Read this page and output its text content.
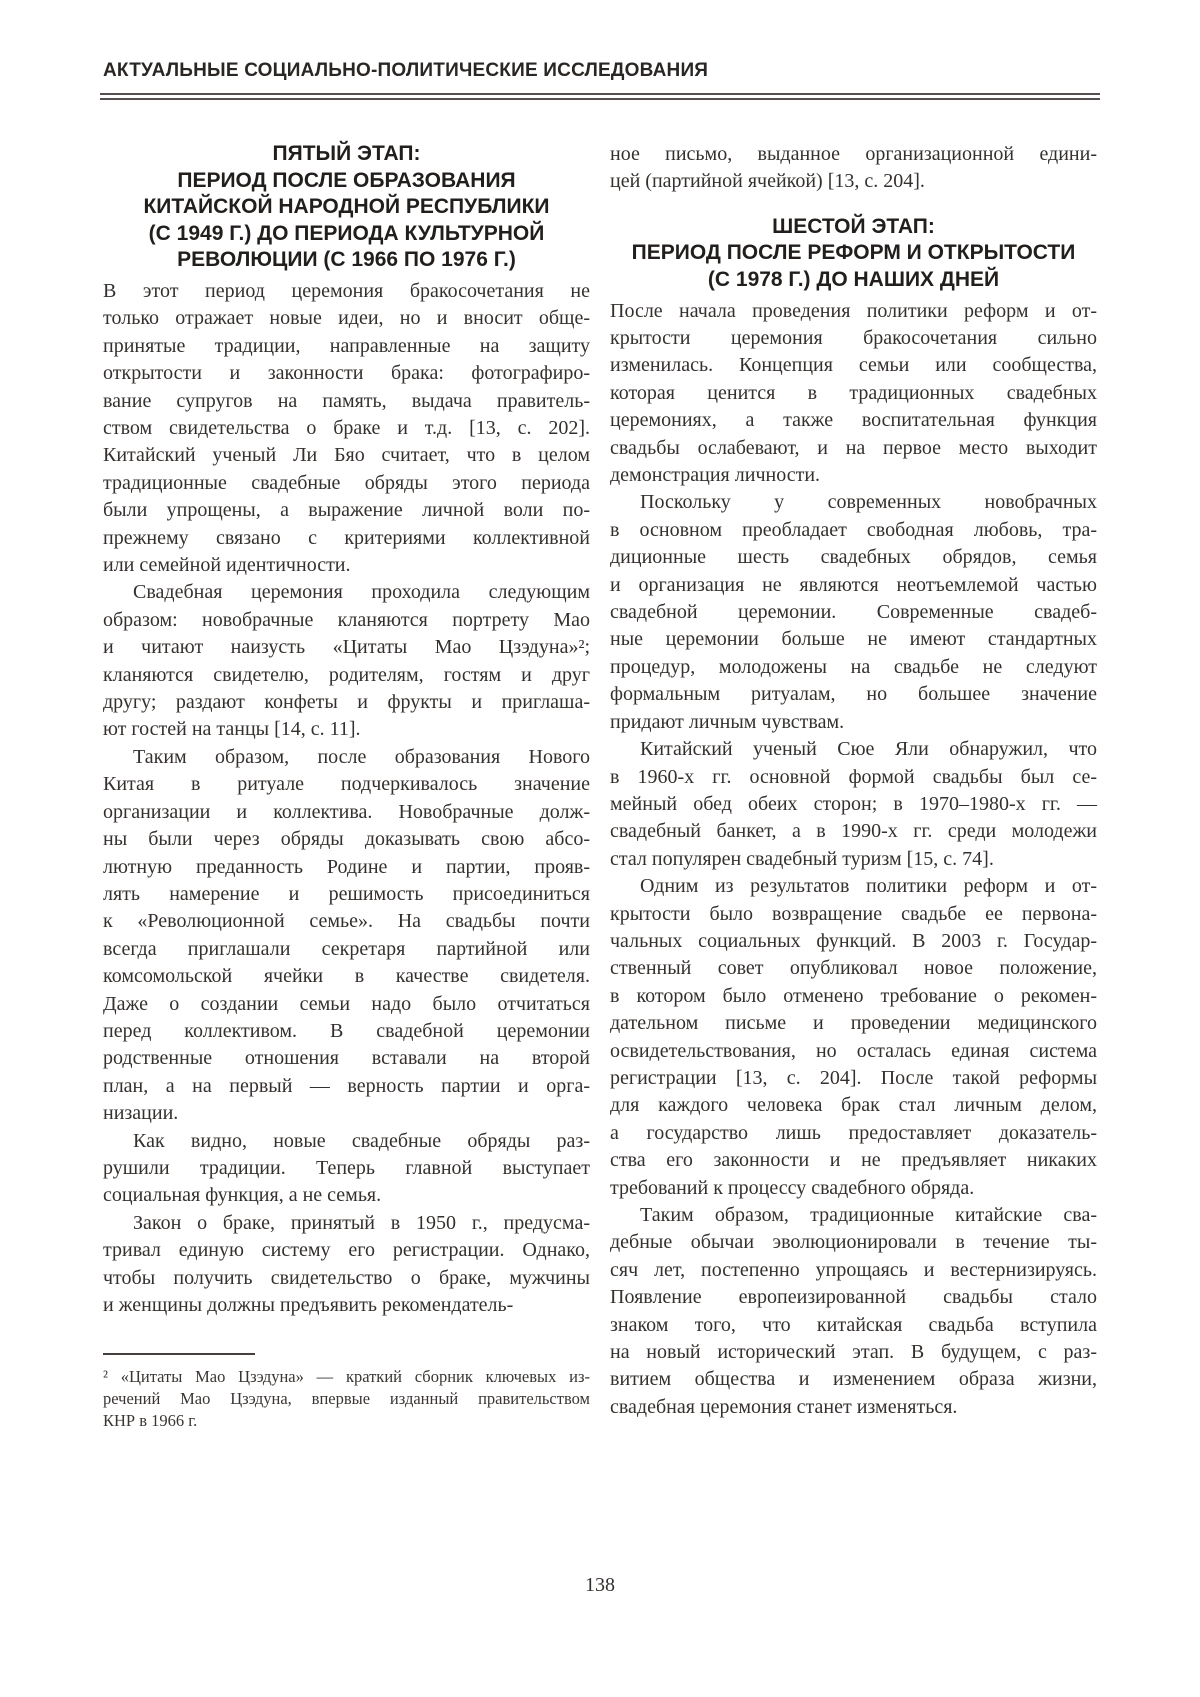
АКТУАЛЬНЫЕ СОЦИАЛЬНО-ПОЛИТИЧЕСКИЕ ИССЛЕДОВАНИЯ
ПЯТЫЙ ЭТАП:
ПЕРИОД ПОСЛЕ ОБРАЗОВАНИЯ
КИТАЙСКОЙ НАРОДНОЙ РЕСПУБЛИКИ
(С 1949 Г.) ДО ПЕРИОДА КУЛЬТУРНОЙ
РЕВОЛЮЦИИ (С 1966 ПО 1976 Г.)
В этот период церемония бракосочетания не
только отражает новые идеи, но и вносит обще-
принятые традиции, направленные на защиту
открытости и законности брака: фотографиро-
вание супругов на память, выдача правитель-
ством свидетельства о браке и т.д. [13, с. 202].
Китайский ученый Ли Бяо считает, что в целом
традиционные свадебные обряды этого периода
были упрощены, а выражение личной воли по-
прежнему связано с критериями коллективной
или семейной идентичности.
Свадебная церемония проходила следующим
образом: новобрачные кланяются портрету Мао
и читают наизусть «Цитаты Мао Цзэдуна»²;
кланяются свидетелю, родителям, гостям и друг
другу; раздают конфеты и фрукты и приглаша-
ют гостей на танцы [14, с. 11].
Таким образом, после образования Нового
Китая в ритуале подчеркивалось значение
организации и коллектива. Новобрачные долж-
ны были через обряды доказывать свою абсо-
лютную преданность Родине и партии, прояв-
лять намерение и решимость присоединиться
к «Революционной семье». На свадьбы почти
всегда приглашали секретаря партийной или
комсомольской ячейки в качестве свидетеля.
Даже о создании семьи надо было отчитаться
перед коллективом. В свадебной церемонии
родственные отношения вставали на второй
план, а на первый — верность партии и орга-
низации.
Как видно, новые свадебные обряды раз-
рушили традиции. Теперь главной выступает
социальная функция, а не семья.
Закон о браке, принятый в 1950 г., предусма-
тривал единую систему его регистрации. Однако,
чтобы получить свидетельство о браке, мужчины
и женщины должны предъявить рекомендатель-
² «Цитаты Мао Цзэдуна» — краткий сборник ключевых из-
речений Мао Цзэдуна, впервые изданный правительством
КНР в 1966 г.
ное письмо, выданное организационной едини-
цей (партийной ячейкой) [13, с. 204].
ШЕСТОЙ ЭТАП:
ПЕРИОД ПОСЛЕ РЕФОРМ И ОТКРЫТОСТИ
(С 1978 Г.) ДО НАШИХ ДНЕЙ
После начала проведения политики реформ и от-
крытости церемония бракосочетания сильно
изменилась. Концепция семьи или сообщества,
которая ценится в традиционных свадебных
церемониях, а также воспитательная функция
свадьбы ослабевают, и на первое место выходит
демонстрация личности.
Поскольку у современных новобрачных
в основном преобладает свободная любовь, тра-
диционные шесть свадебных обрядов, семья
и организация не являются неотъемлемой частью
свадебной церемонии. Современные свадеб-
ные церемонии больше не имеют стандартных
процедур, молодожены на свадьбе не следуют
формальным ритуалам, но большее значение
придают личным чувствам.
Китайский ученый Сюе Яли обнаружил, что
в 1960-х гг. основной формой свадьбы был се-
мейный обед обеих сторон; в 1970–1980-х гг. —
свадебный банкет, а в 1990-х гг. среди молодежи
стал популярен свадебный туризм [15, с. 74].
Одним из результатов политики реформ и от-
крытости было возвращение свадьбе ее первона-
чальных социальных функций. В 2003 г. Государ-
ственный совет опубликовал новое положение,
в котором было отменено требование о рекомен-
дательном письме и проведении медицинского
освидетельствования, но осталась единая система
регистрации [13, с. 204]. После такой реформы
для каждого человека брак стал личным делом,
а государство лишь предоставляет доказатель-
ства его законности и не предъявляет никаких
требований к процессу свадебного обряда.
Таким образом, традиционные китайские сва-
дебные обычаи эволюционировали в течение ты-
сяч лет, постепенно упрощаясь и вестернизируясь.
Появление европеизированной свадьбы стало
знаком того, что китайская свадьба вступила
на новый исторический этап. В будущем, с раз-
витием общества и изменением образа жизни,
свадебная церемония станет изменяться.
138
